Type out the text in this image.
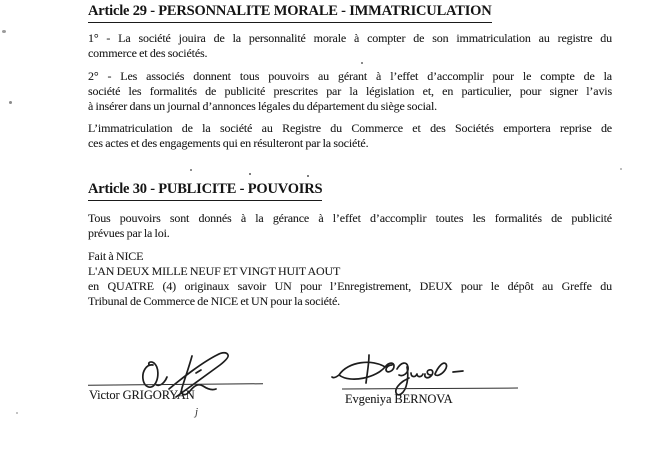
Article 29 - PERSONNALITE MORALE - IMMATRICULATION
1° - La société jouira de la personnalité morale à compter de son immatriculation au registre du
commerce et des sociétés.
2° - Les associés donnent tous pouvoirs au gérant à l’effet d’accomplir pour le compte de la
société les formalités de publicité prescrites par la législation et, en particulier, pour signer l’avis
à insérer dans un journal d’annonces légales du département du siège social.
L’immatriculation de la société au Registre du Commerce et des Sociétés emportera reprise de
ces actes et des engagements qui en résulteront par la société.
Article 30 - PUBLICITE - POUVOIRS
Tous pouvoirs sont donnés à la gérance à l’effet d’accomplir toutes les formalités de publicité
prévues par la loi.
Fait à NICE
L'AN DEUX MILLE NEUF ET VINGT HUIT AOUT
en QUATRE (4) originaux savoir UN pour l’Enregistrement, DEUX pour le dépôt au Greffe du
Tribunal de Commerce de NICE et UN pour la société.
Victor GRIGORYAN	Evgeniya BERNOVA
j
